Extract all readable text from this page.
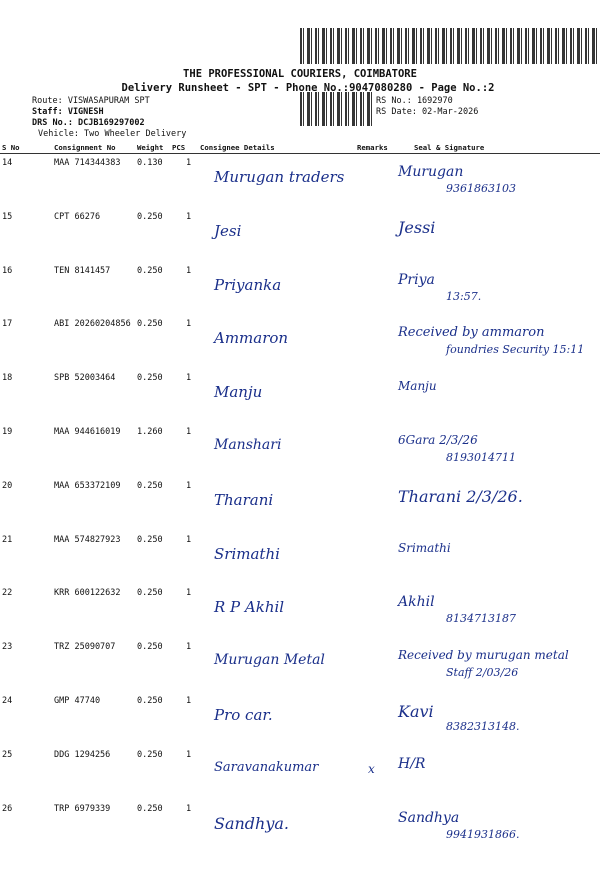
THE PROFESSIONAL COURIERS, COIMBATORE
Delivery Runsheet - SPT - Phone No.:9047080280 - Page No.:2
Route: VISWASAPURAM SPT
Staff: VIGNESH
DRS No.: DCJB169297002
Vehicle: Two Wheeler Delivery
RS No.: 1692970
RS Date: 02-Mar-2026
S No	Consignment No	Weight PCS Consignee Details	Remarks	Seal & Signature
14	MAA 714344383 0.130	1
Murugan traders	Murugan
9361863103
15	CPT 66276	0.250	1
Jesi	Jessi
16	TEN 8141457	0.250	1
Priyanka	Priya
13:57.
17	ABI 20260204856 0.250	1
Ammaron	Received by ammaron
foundries Security 15:11
18	SPB 52003464	0.250	1
Manju	Manju
19	MAA 944616019 1.260	1
Manshari	6Gara 2/3/26
8193014711
20	MAA 653372109 0.250	1
Tharani	Tharani 2/3/26.
21	MAA 574827923 0.250	1
Srimathi	Srimathi
22	KRR 600122632 0.250	1
R P Akhil	Akhil
8134713187
23	TRZ 25090707	0.250	1
Murugan Metal	Received by murugan metal
Staff 2/03/26
24	GMP 47740	0.250	1
Pro car.	Kavi
8382313148.
25	DDG 1294256	0.250	1
Saravanakumar	x H/R
26	TRP 6979339	0.250	1
Sandhya.	Sandhya
9941931866.
